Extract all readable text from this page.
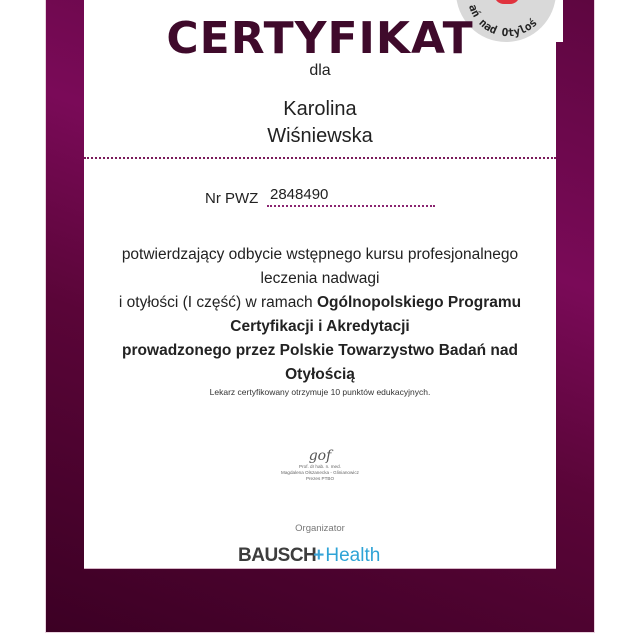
ań nad Otyloś
CERTYFIKAT
dla
Karolina
Wiśniewska
Nr PWZ 2848490
potwierdzający odbycie wstępnego kursu profesjonalnego
leczenia nadwagi
i otyłości (I część) w ramach Ogólnopolskiego Programu
Certyfikacji i Akredytacji
prowadzonego przez Polskie Towarzystwo Badań nad
Otyłością
Lekarz certyfikowany otrzymuje 10 punktów edukacyjnych.
gof
Prof. dr hab. n. med.
Magdalena Olszanecka - Glinianowicz
Prezes PTBO
Organizator
BAUSCH+Health
